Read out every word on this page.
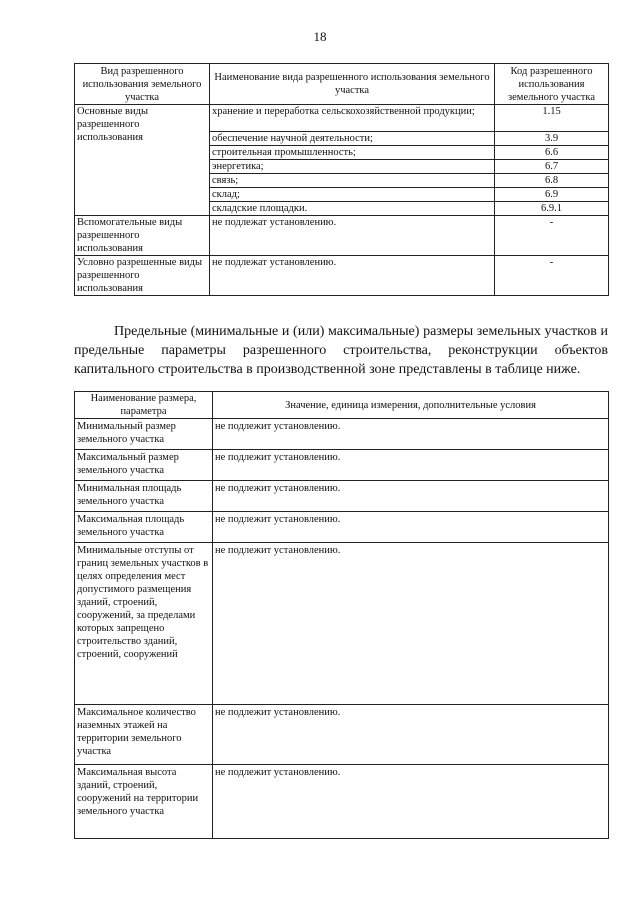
18
Вид разрешенного использования земельного участка	Наименование вида разрешенного использования земельного участка	Код разрешенного использования земельного участка
Основные виды разрешенного использования	хранение и переработка сельскохозяйственной продукции;	1.15
	обеспечение научной деятельности;	3.9
	строительная промышленность;	6.6
	энергетика;	6.7
	связь;	6.8
	склад;	6.9
	складские площадки.	6.9.1
Вспомогательные виды разрешенного использования	не подлежат установлению.	-
Условно разрешенные виды разрешенного использования	не подлежат установлению.	-

Предельные (минимальные и (или) максимальные) размеры земельных участков и предельные параметры разрешенного строительства, реконструкции объектов капитального строительства в производственной зоне представлены в таблице ниже.

Наименование размера, параметра	Значение, единица измерения, дополнительные условия
Минимальный размер земельного участка	не подлежит установлению.
Максимальный размер земельного участка	не подлежит установлению.
Минимальная площадь земельного участка	не подлежит установлению.
Максимальная площадь земельного участка	не подлежит установлению.
Минимальные отступы от границ земельных участков в целях определения мест допустимого размещения зданий, строений, сооружений, за пределами которых запрещено строительство зданий, строений, сооружений	не подлежит установлению.
Максимальное количество наземных этажей на территории земельного участка	не подлежит установлению.
Максимальная высота зданий, строений, сооружений на территории земельного участка	не подлежит установлению.
